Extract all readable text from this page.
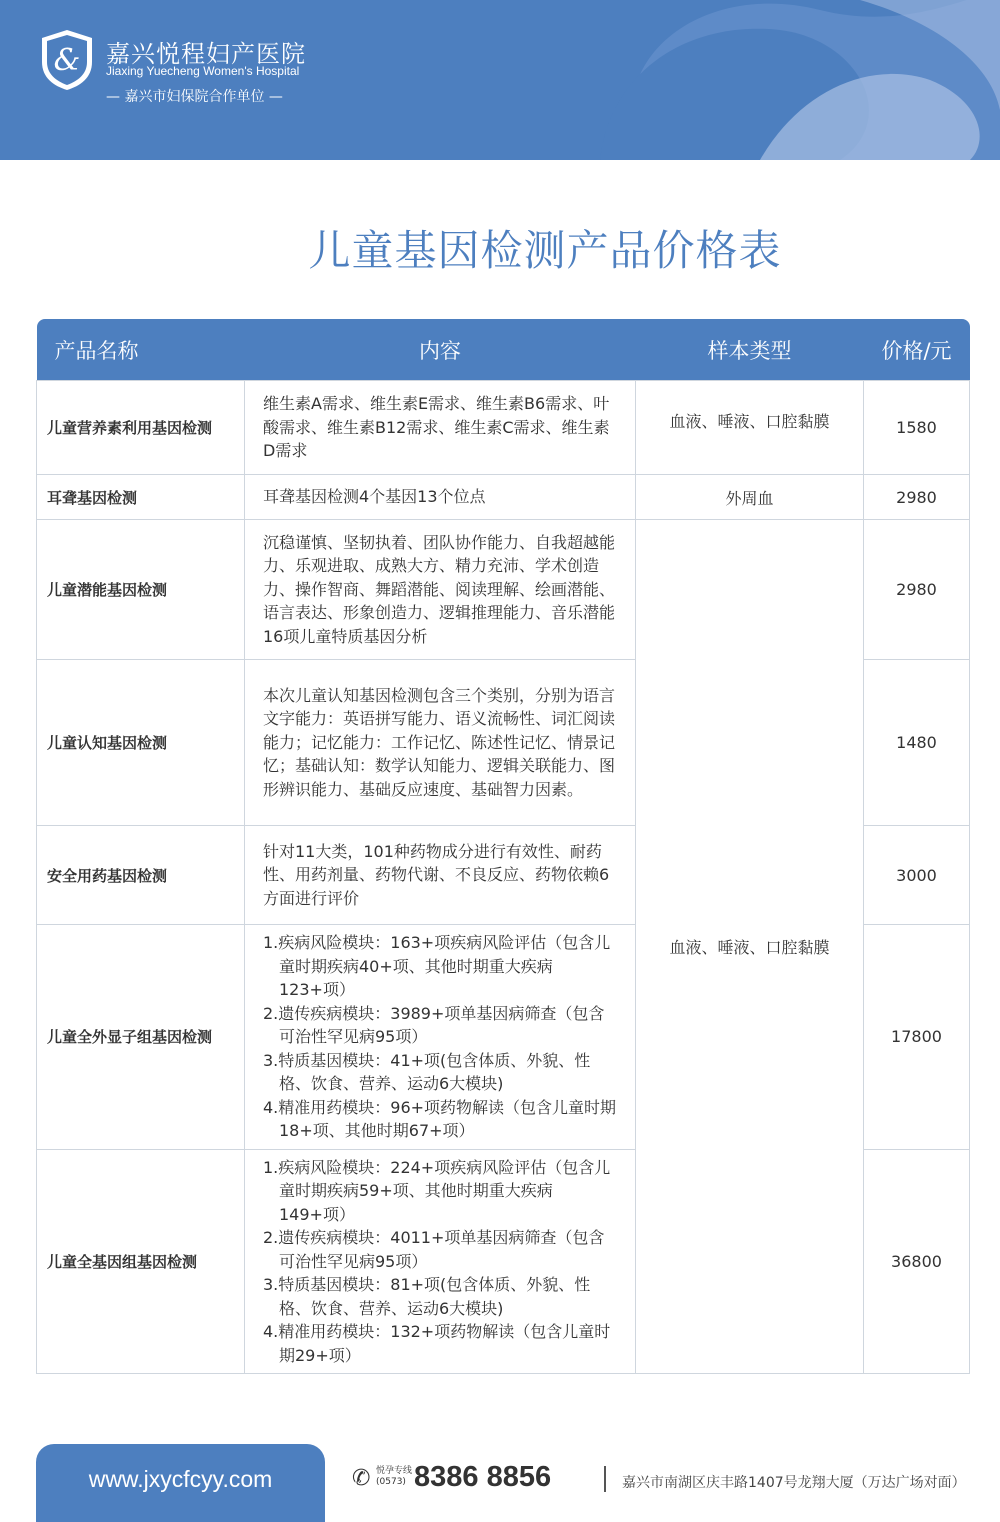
& 嘉兴悦程妇产医院
Jiaxing Yuecheng Women's Hospital
— 嘉兴市妇保院合作单位 —
儿童基因检测产品价格表
产品名称	内容	样本类型	价格/元
儿童营养素利用基因检测	维生素A需求、维生素E需求、维生素B6需求、叶酸需求、维生素B12需求、维生素C需求、维生素D需求	血液、唾液、口腔黏膜	1580
耳聋基因检测	耳聋基因检测4个基因13个位点	外周血	2980
儿童潜能基因检测	沉稳谨慎、坚韧执着、团队协作能力、自我超越能力、乐观进取、成熟大方、精力充沛、学术创造力、操作智商、舞蹈潜能、阅读理解、绘画潜能、语言表达、形象创造力、逻辑推理能力、音乐潜能16项儿童特质基因分析	血液、唾液、口腔黏膜	2980
儿童认知基因检测	本次儿童认知基因检测包含三个类别，分别为语言文字能力：英语拼写能力、语义流畅性、词汇阅读能力；记忆能力：工作记忆、陈述性记忆、情景记忆；基础认知：数学认知能力、逻辑关联能力、图形辨识能力、基础反应速度、基础智力因素。		1480
安全用药基因检测	针对11大类，101种药物成分进行有效性、耐药性、用药剂量、药物代谢、不良反应、药物依赖6方面进行评价		3000
儿童全外显子组基因检测	1.疾病风险模块：163+项疾病风险评估（包含儿童时期疾病40+项、其他时期重大疾病123+项）
2.遗传疾病模块：3989+项单基因病筛查（包含可治性罕见病95项）
3.特质基因模块：41+项(包含体质、外貌、性格、饮食、营养、运动6大模块)
4.精准用药模块：96+项药物解读（包含儿童时期18+项、其他时期67+项）		17800
儿童全基因组基因检测	1.疾病风险模块：224+项疾病风险评估（包含儿童时期疾病59+项、其他时期重大疾病149+项）
2.遗传疾病模块：4011+项单基因病筛查（包含可治性罕见病95项）
3.特质基因模块：81+项(包含体质、外貌、性格、饮食、营养、运动6大模块)
4.精准用药模块：132+项药物解读（包含儿童时期29+项）		36800
www.jxycfcyy.com	✆ 悦孕专线
(0573) 8386 8856	嘉兴市南湖区庆丰路1407号龙翔大厦（万达广场对面）
